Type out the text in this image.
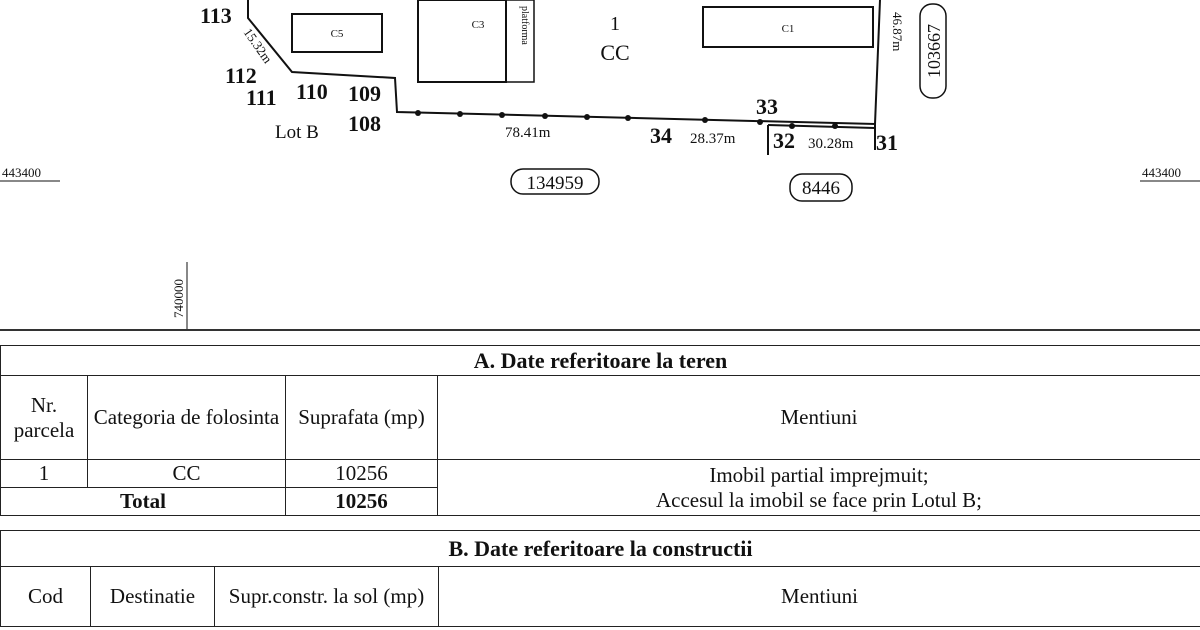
C5
C3	platforma	C1
1
CC
113
112
111 110 109
108	34
33
32	31
Lot B
15.32m
78.41m	28.37m	30.28m
46.87m
134959	8446
103667
443400	443400
740000
A. Date referitoare la teren			
Nr. parcela	Categoria de folosinta	Suprafata (mp)	Mentiuni
1	CC	10256	Imobil partial imprejmuit;
Accesul la imobil se face prin Lotul B;

Total		10256	
B. Date referitoare la constructii
Cod	Destinatie	Supr.constr. la sol (mp)	Mentiuni
